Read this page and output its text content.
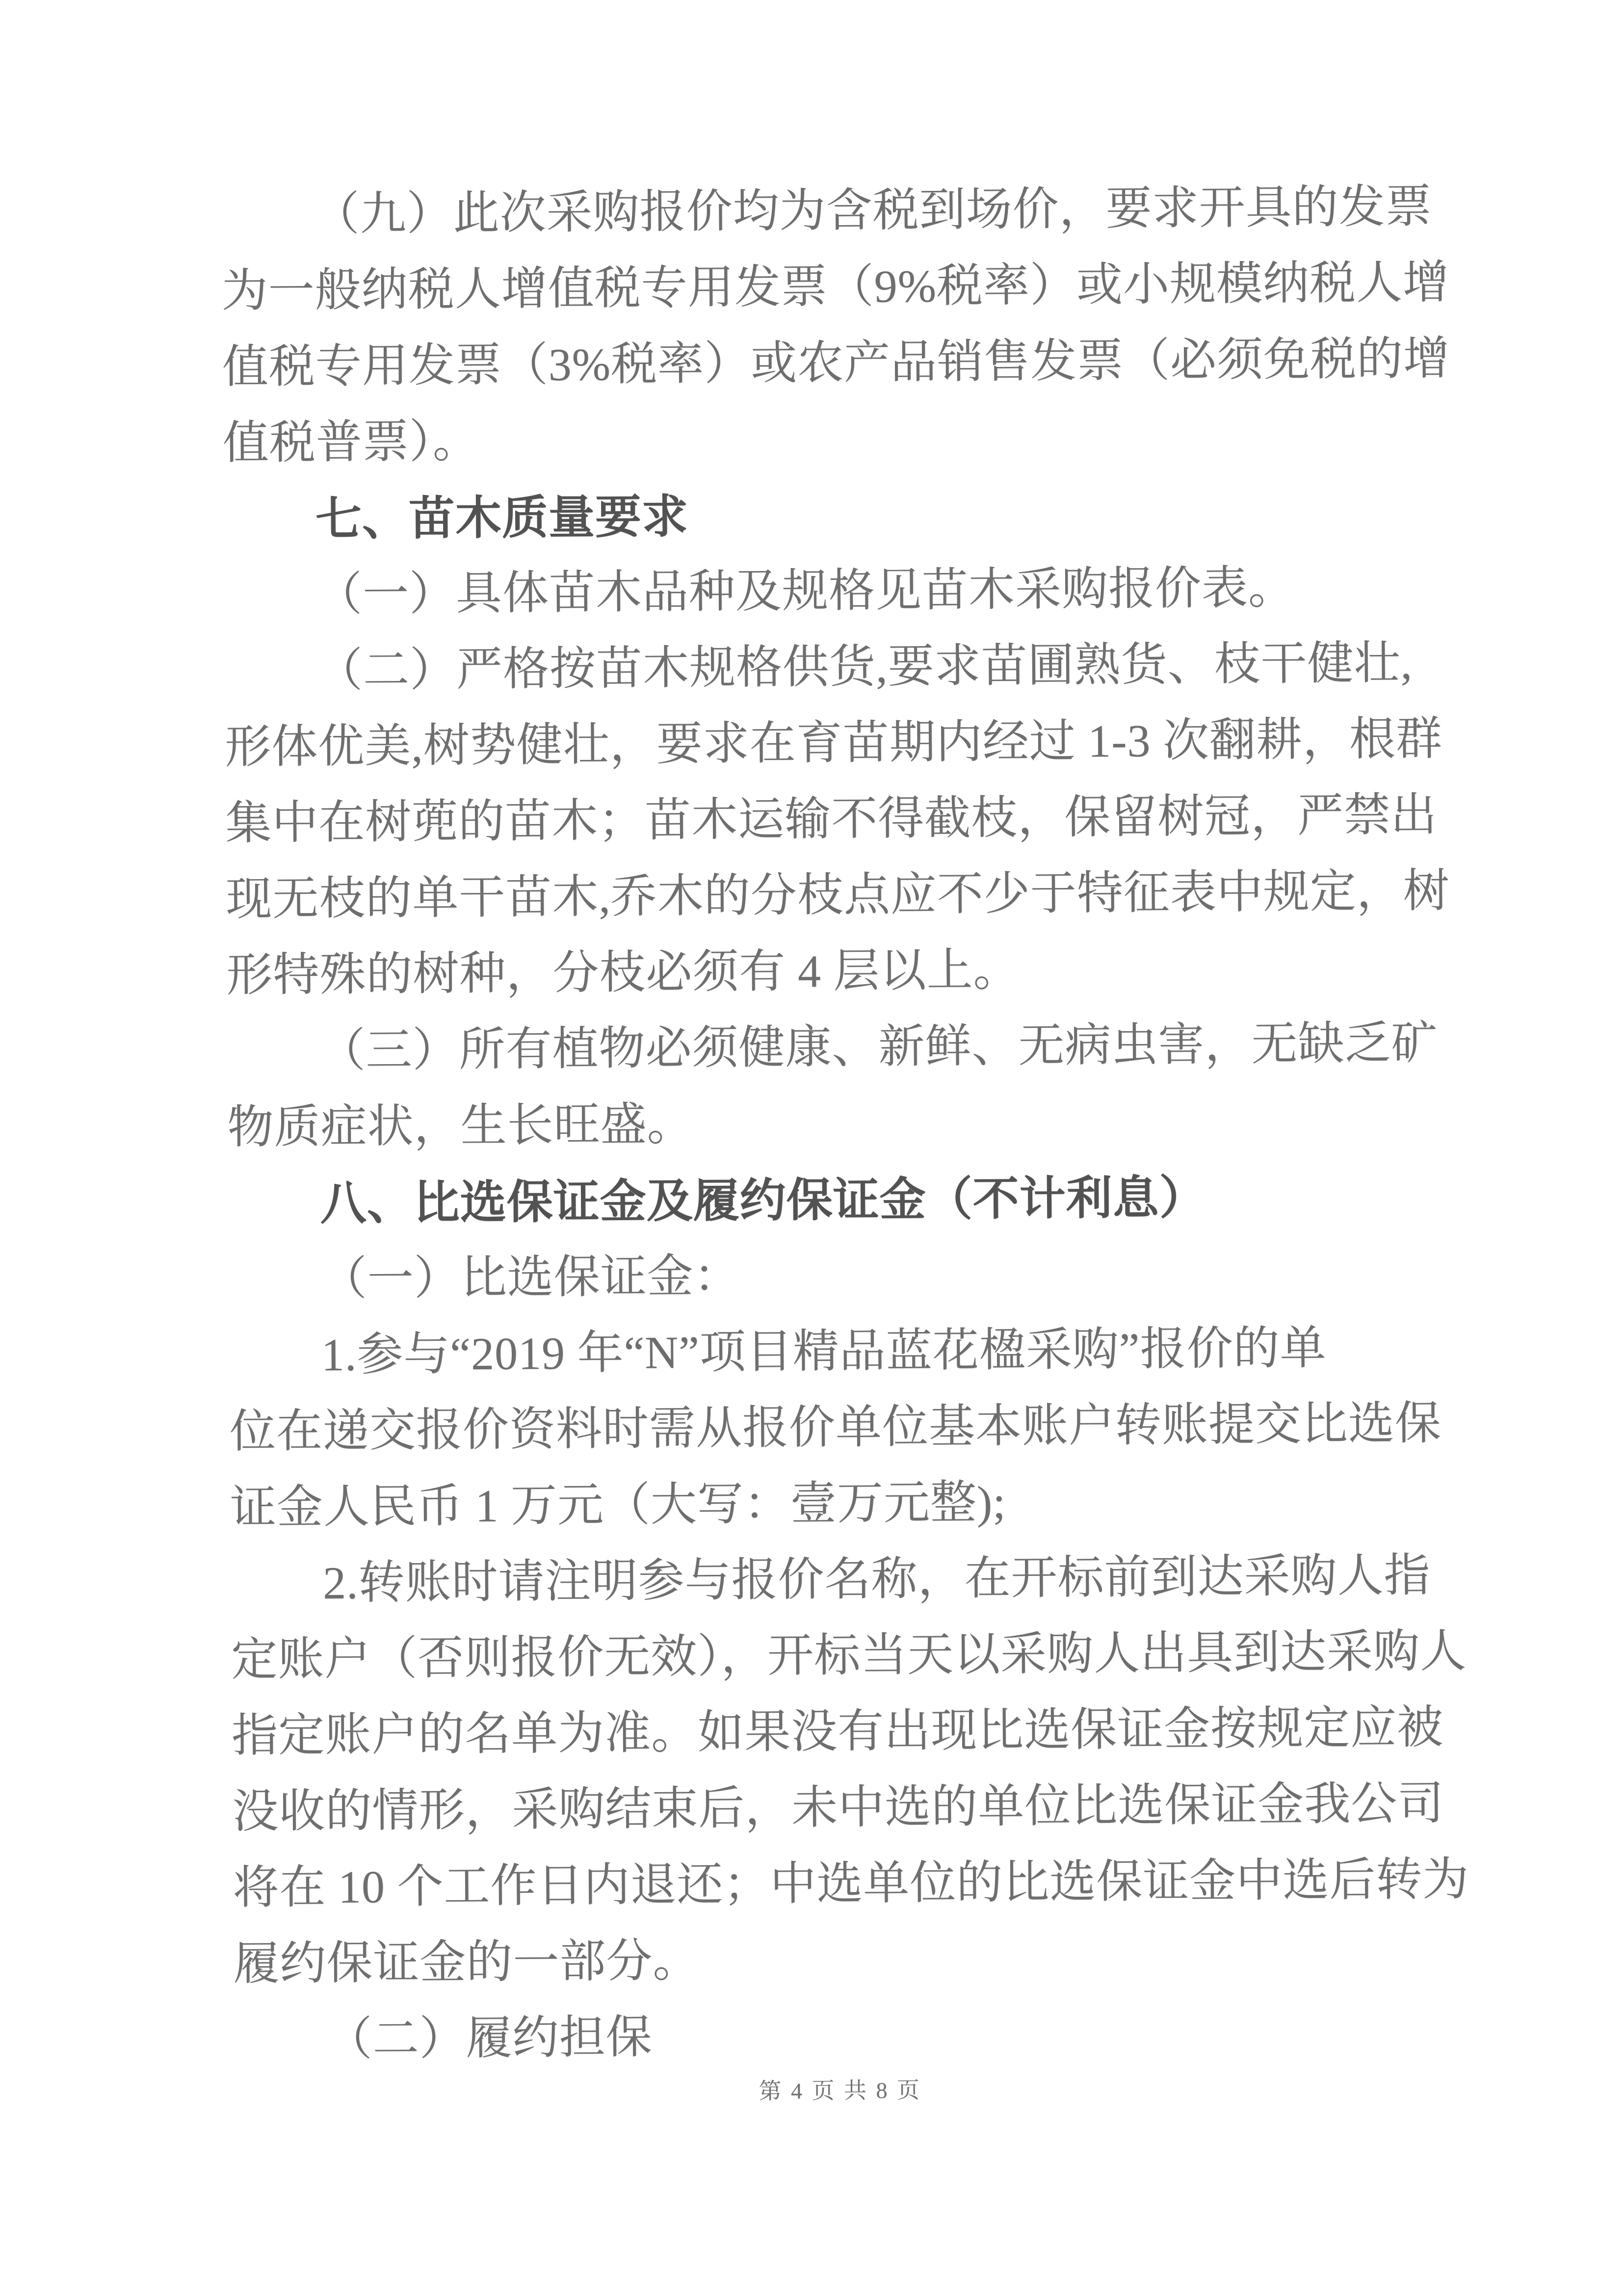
（九）此次采购报价均为含税到场价，要求开具的发票
为一般纳税人增值税专用发票（9%税率）或小规模纳税人增
值税专用发票（3%税率）或农产品销售发票（必须免税的增
值税普票）。
七、苗木质量要求
（一）具体苗木品种及规格见苗木采购报价表。
（二）严格按苗木规格供货,要求苗圃熟货、枝干健壮,
形体优美,树势健壮，要求在育苗期内经过 1-3 次翻耕，根群
集中在树蔸的苗木；苗木运输不得截枝，保留树冠，严禁出
现无枝的单干苗木,乔木的分枝点应不少于特征表中规定，树
形特殊的树种，分枝必须有 4 层以上。
（三）所有植物必须健康、新鲜、无病虫害，无缺乏矿
物质症状，生长旺盛。
八、比选保证金及履约保证金（不计利息）
（一）比选保证金：
1.参与“2019 年“N”项目精品蓝花楹采购”报价的单
位在递交报价资料时需从报价单位基本账户转账提交比选保
证金人民币 1 万元（大写：壹万元整);
2.转账时请注明参与报价名称，在开标前到达采购人指
定账户（否则报价无效），开标当天以采购人出具到达采购人
指定账户的名单为准。如果没有出现比选保证金按规定应被
没收的情形，采购结束后，未中选的单位比选保证金我公司
将在 10 个工作日内退还；中选单位的比选保证金中选后转为
履约保证金的一部分。
（二）履约担保
第 4 页 共 8 页
